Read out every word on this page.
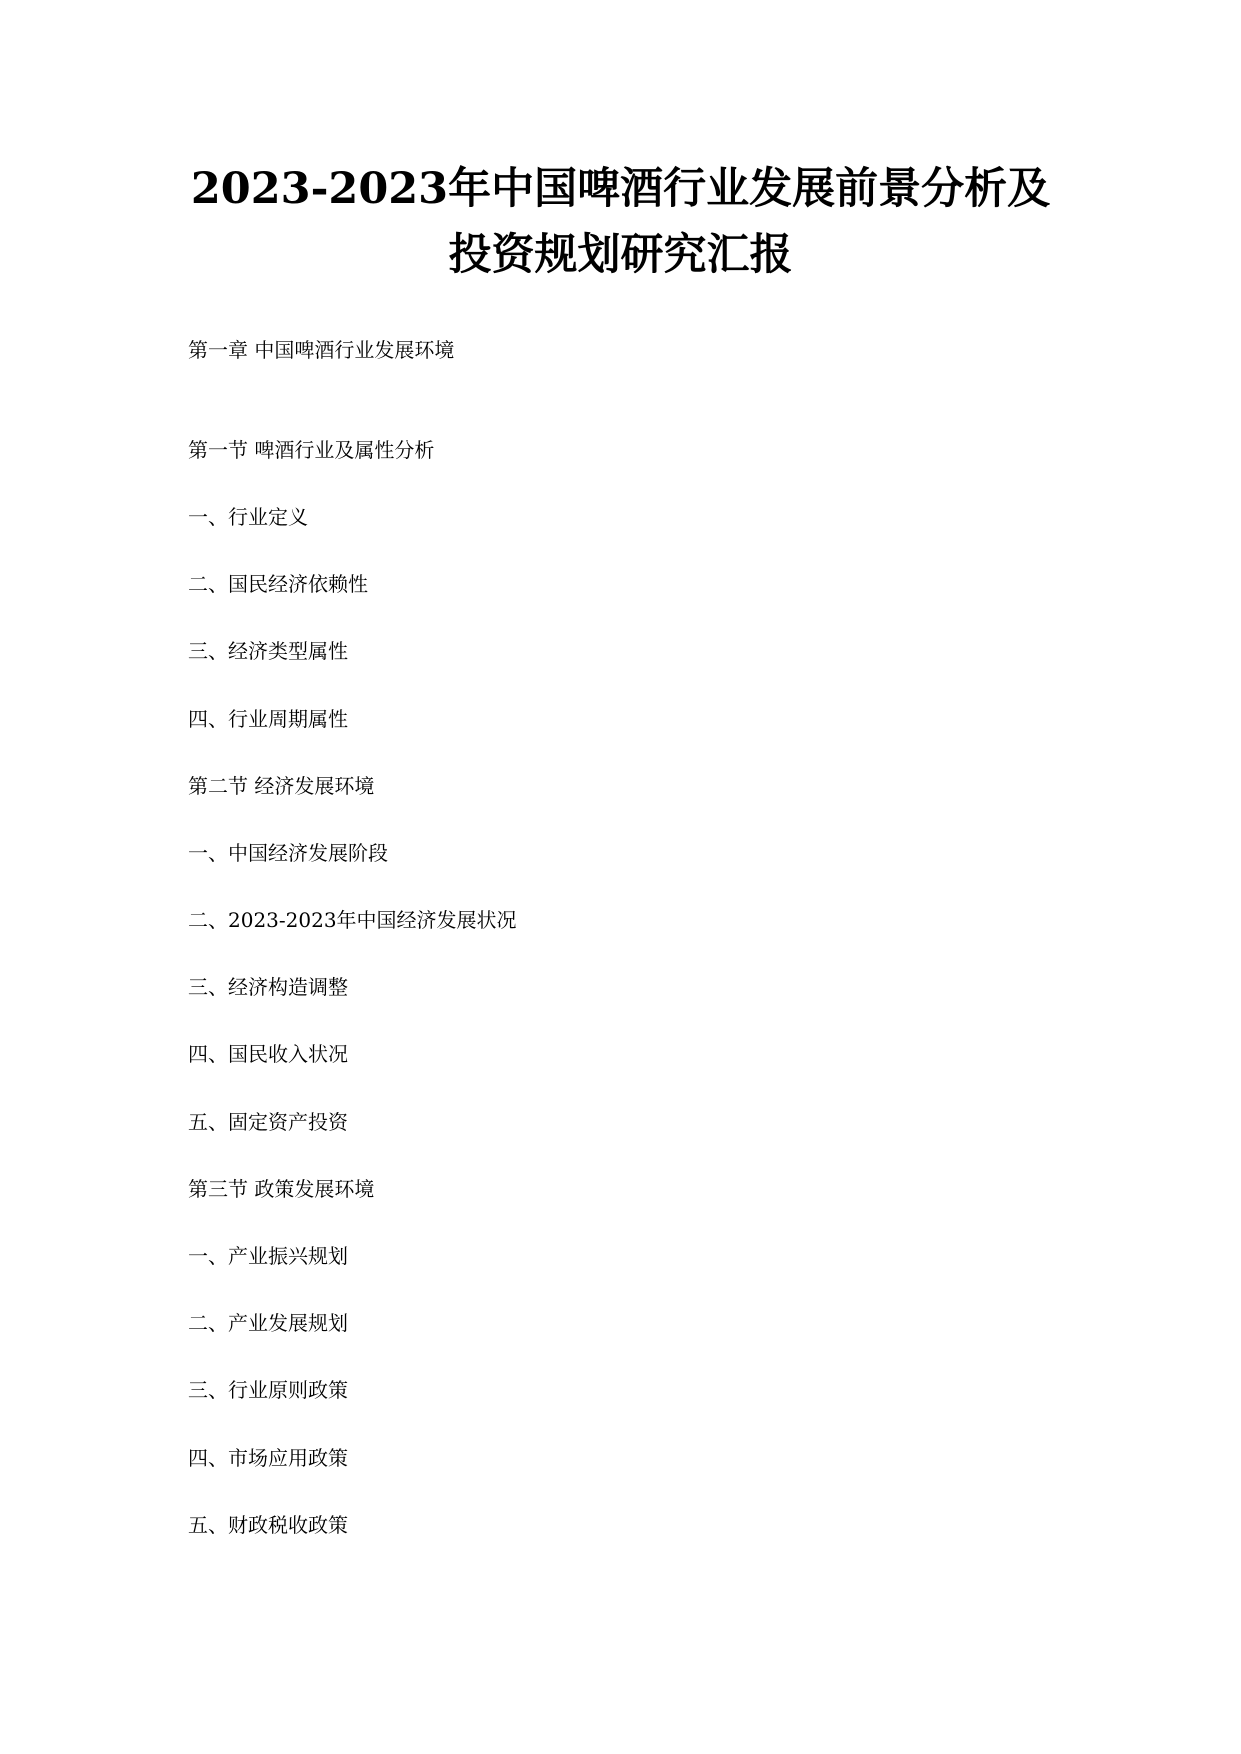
2023-2023年中国啤酒行业发展前景分析及
投资规划研究汇报

第一章 中国啤酒行业发展环境

第一节 啤酒行业及属性分析

一、行业定义

二、国民经济依赖性

三、经济类型属性

四、行业周期属性

第二节 经济发展环境

一、中国经济发展阶段

二、2023-2023年中国经济发展状况

三、经济构造调整

四、国民收入状况

五、固定资产投资

第三节 政策发展环境

一、产业振兴规划

二、产业发展规划

三、行业原则政策

四、市场应用政策

五、财政税收政策
